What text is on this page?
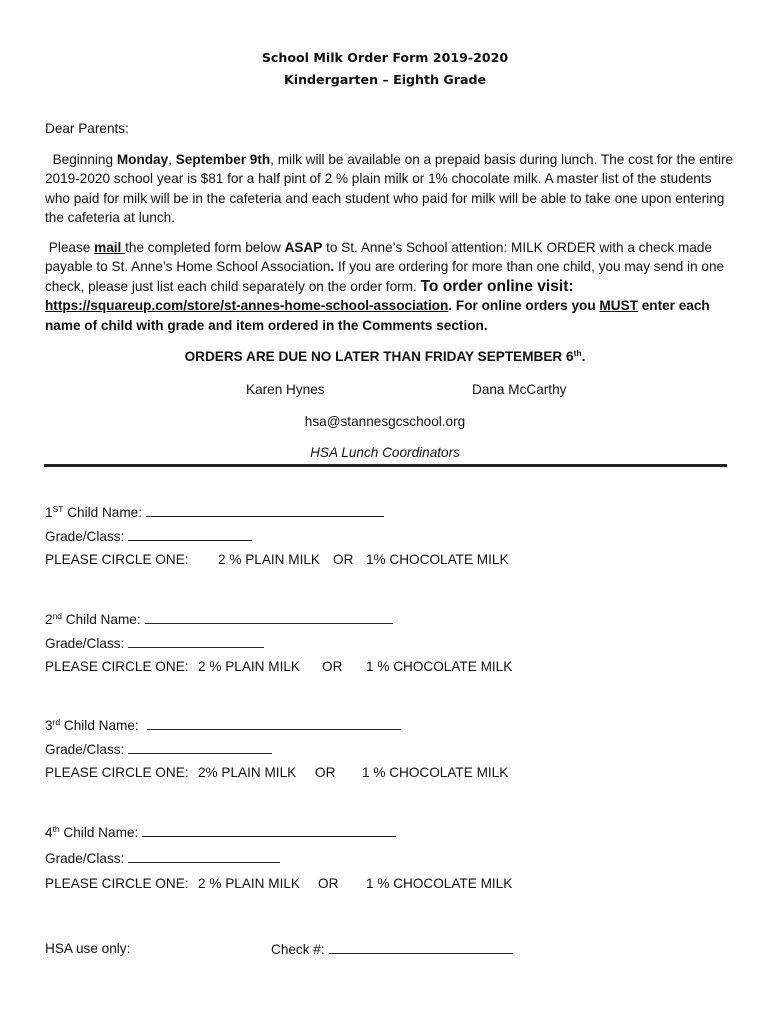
School Milk Order Form 2019-2020
Kindergarten – Eighth Grade
Dear Parents:
Beginning Monday, September 9th, milk will be available on a prepaid basis during lunch. The cost for the entire 2019-2020 school year is $81 for a half pint of 2 % plain milk or 1% chocolate milk. A master list of the students who paid for milk will be in the cafeteria and each student who paid for milk will be able to take one upon entering the cafeteria at lunch.
Please mail the completed form below ASAP to St. Anne’s School attention: MILK ORDER with a check made payable to St. Anne’s Home School Association. If you are ordering for more than one child, you may send in one check, please just list each child separately on the order form. To order online visit: https://squareup.com/store/st-annes-home-school-association. For online orders you MUST enter each name of child with grade and item ordered in the Comments section.
ORDERS ARE DUE NO LATER THAN FRIDAY SEPTEMBER 6th.
Karen Hynes	Dana McCarthy
hsa@stannesgcschool.org
HSA Lunch Coordinators
1ST Child Name:
Grade/Class:
PLEASE CIRCLE ONE: 2 % PLAIN MILK OR 1% CHOCOLATE MILK
2nd Child Name:
Grade/Class:
PLEASE CIRCLE ONE: 2 % PLAIN MILK OR 1 % CHOCOLATE MILK
3rd Child Name:
Grade/Class:
PLEASE CIRCLE ONE: 2% PLAIN MILK OR 1 % CHOCOLATE MILK
4th Child Name:
Grade/Class:
PLEASE CIRCLE ONE: 2 % PLAIN MILK OR 1 % CHOCOLATE MILK
HSA use only:	Check #:
